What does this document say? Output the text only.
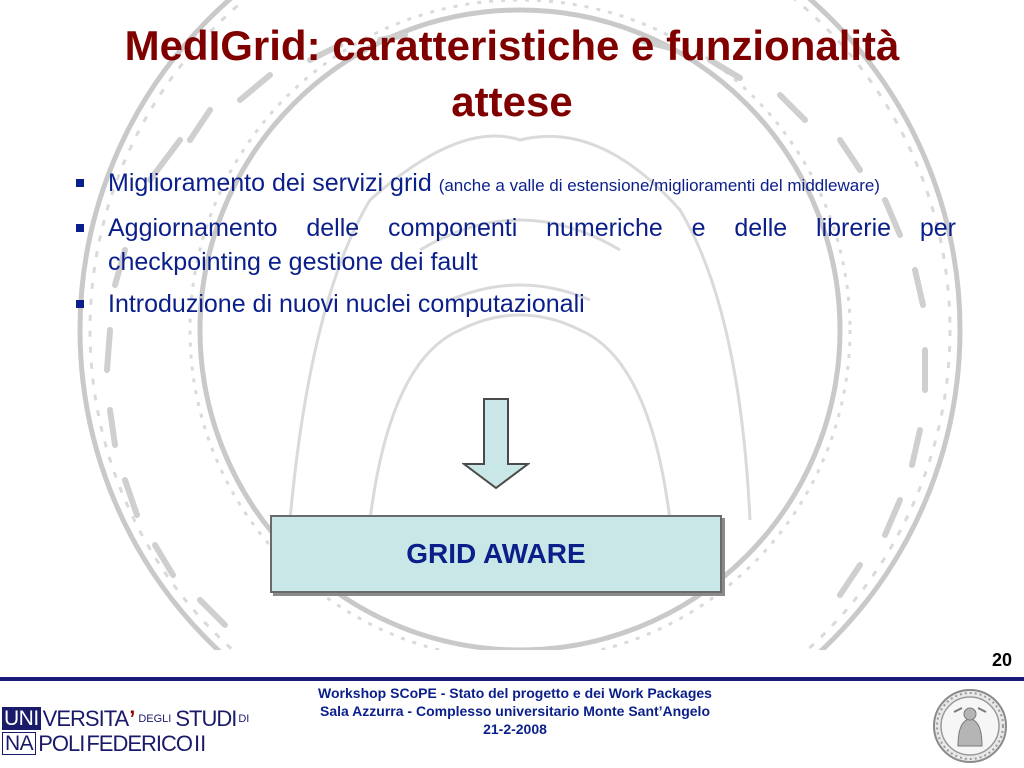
MedIGrid: caratteristiche e funzionalità attese
Miglioramento dei servizi grid (anche a valle di estensione/miglioramenti del middleware)
Aggiornamento delle componenti numeriche e delle librerie per checkpointing e gestione dei fault
Introduzione di nuovi nuclei computazionali
GRID AWARE
20
Workshop SCoPE - Stato del progetto e dei Work Packages
Sala Azzurra - Complesso universitario Monte Sant’Angelo
21-2-2008
UNI VERSITA ’ DEGLI STUDI DI
NA POLI FEDERICO II
